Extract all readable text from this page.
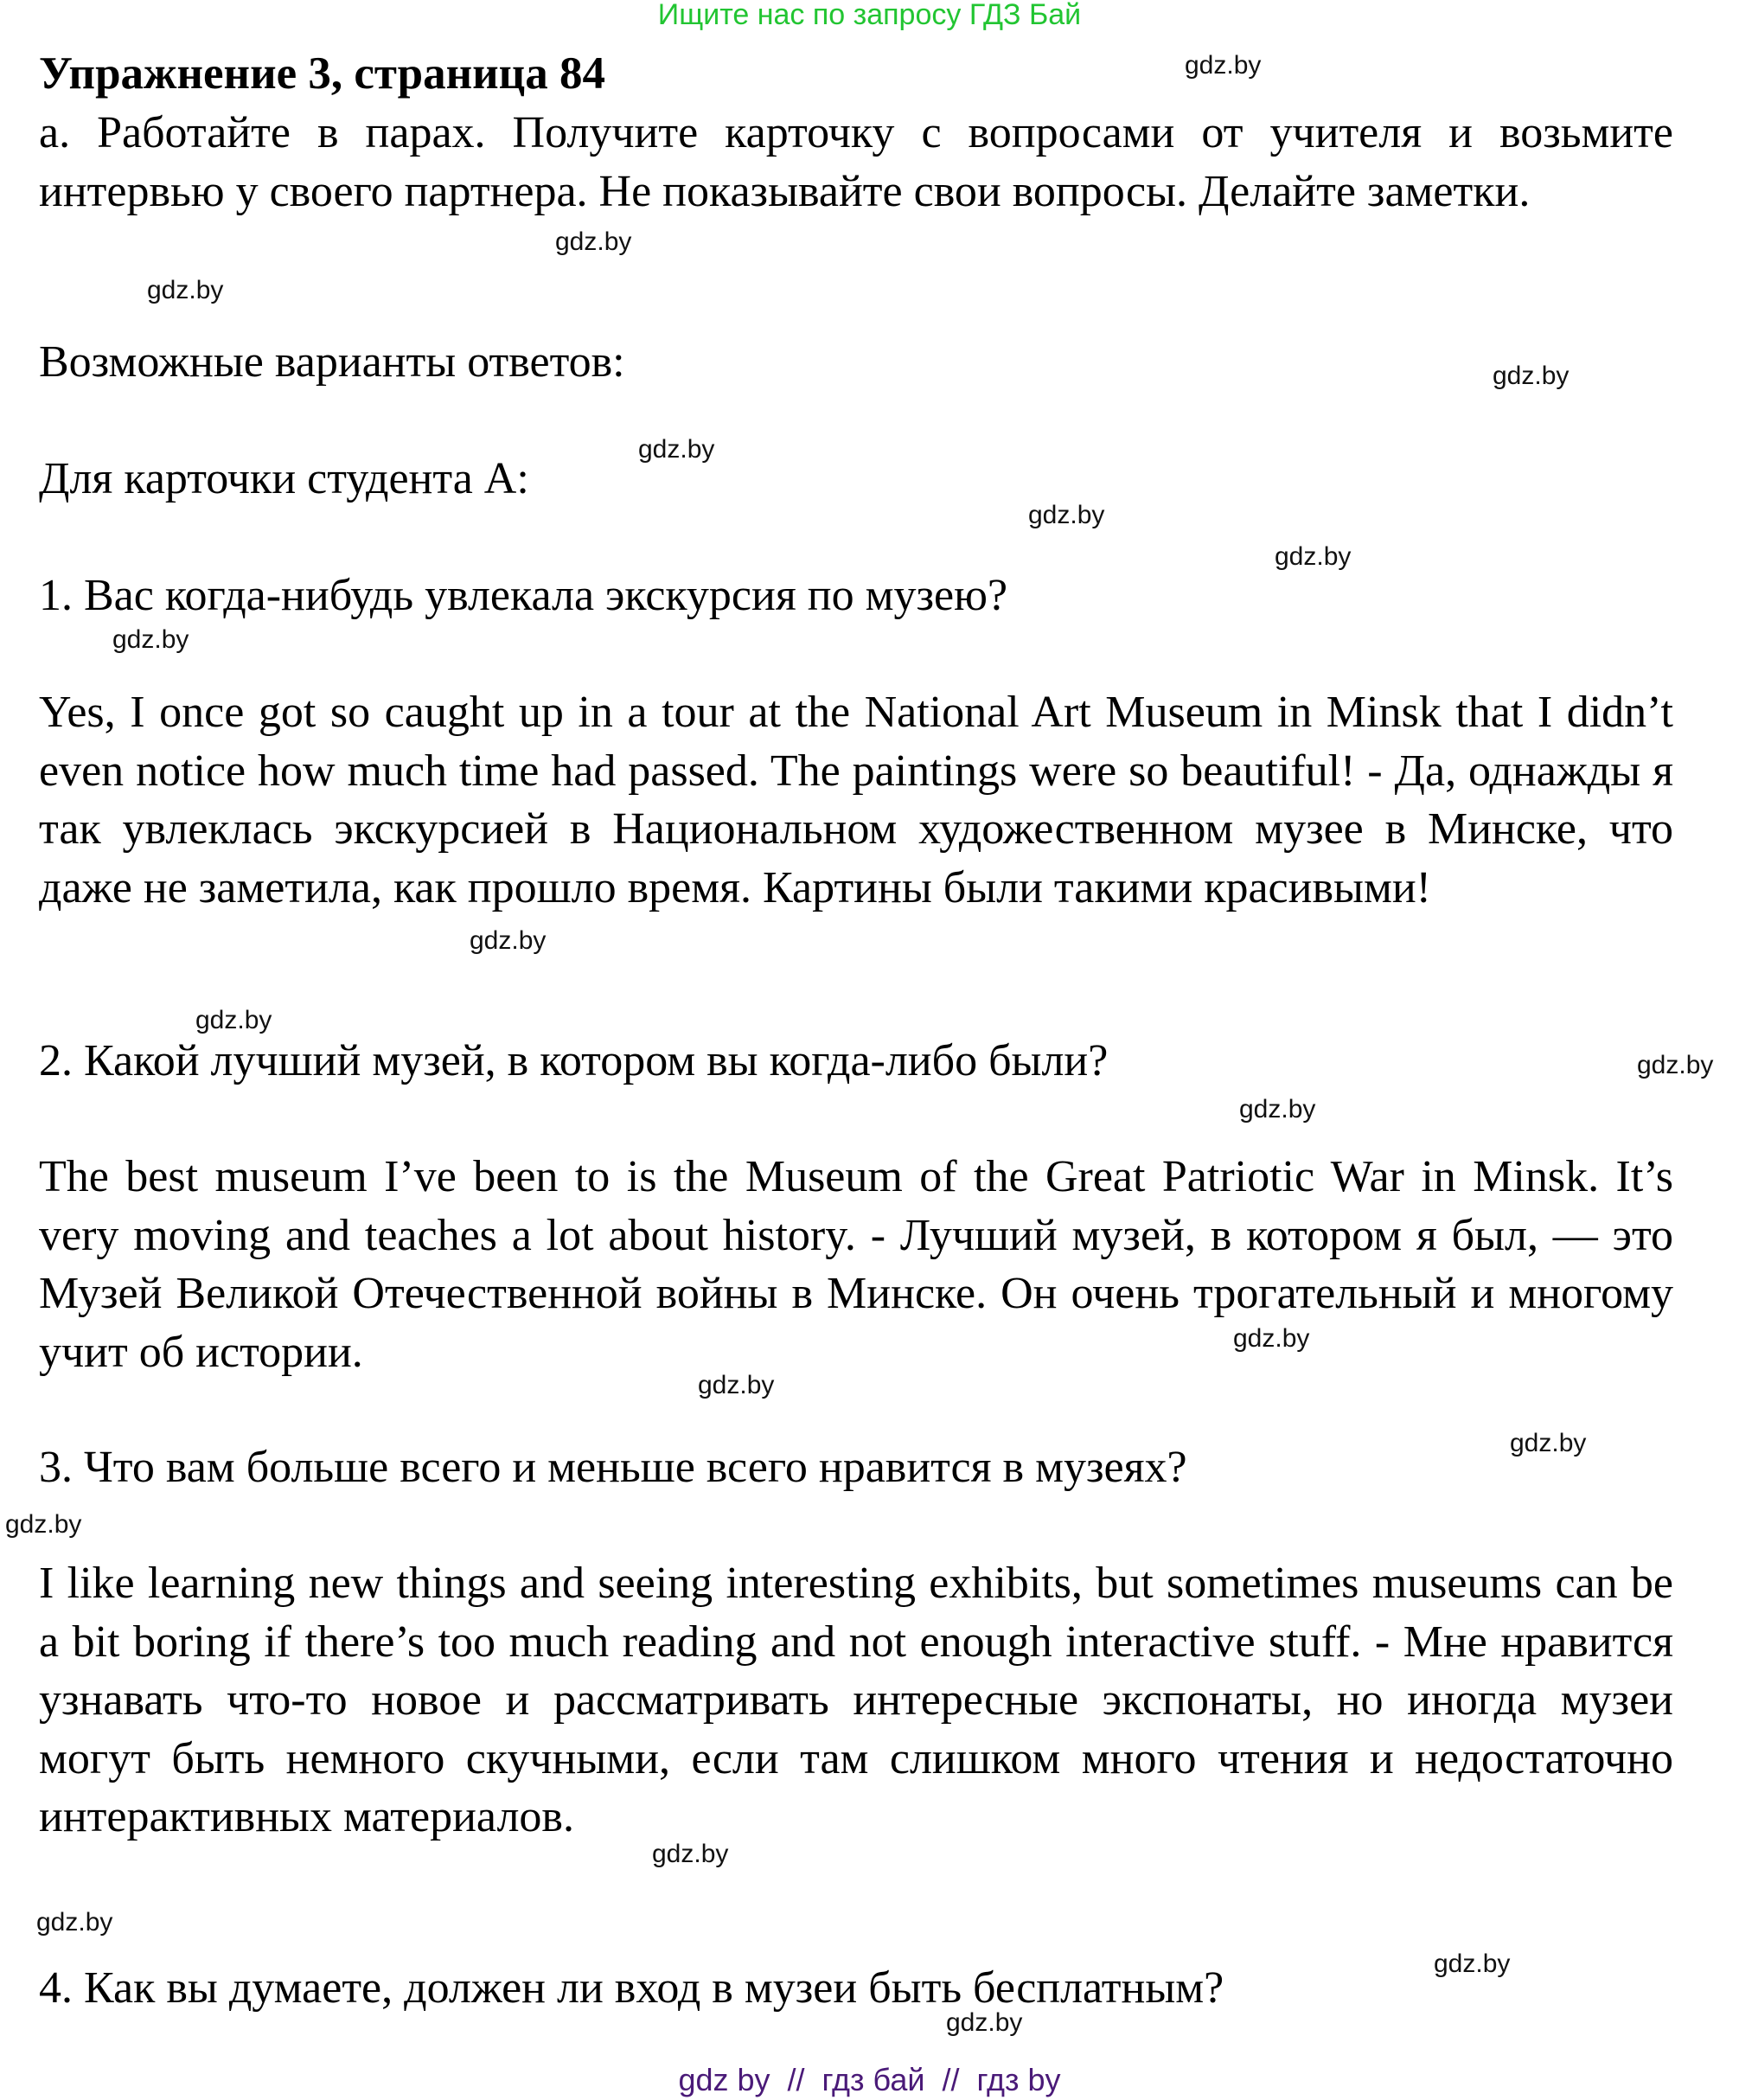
Ищите нас по запросу ГДЗ Бай
Упражнение 3, страница 84
а. Работайте в парах. Получите карточку с вопросами от учителя и возьмите интервью у своего партнера. Не показывайте свои вопросы. Делайте заметки.
Возможные варианты ответов:
Для карточки студента А:
1. Вас когда-нибудь увлекала экскурсия по музею?
Yes, I once got so caught up in a tour at the National Art Museum in Minsk that I didn’t even notice how much time had passed. The paintings were so beautiful! - Да, однажды я так увлеклась экскурсией в Национальном художественном музее в Минске, что даже не заметила, как прошло время. Картины были такими красивыми!
2. Какой лучший музей, в котором вы когда-либо были?
The best museum I’ve been to is the Museum of the Great Patriotic War in Minsk. It’s very moving and teaches a lot about history. - Лучший музей, в котором я был, — это Музей Великой Отечественной войны в Минске. Он очень трогательный и многому учит об истории.
3. Что вам больше всего и меньше всего нравится в музеях?
I like learning new things and seeing interesting exhibits, but sometimes museums can be a bit boring if there’s too much reading and not enough interactive stuff. - Мне нравится узнавать что-то новое и рассматривать интересные экспонаты, но иногда музеи могут быть немного скучными, если там слишком много чтения и недостаточно интерактивных материалов.
4. Как вы думаете, должен ли вход в музеи быть бесплатным?
gdz.by
gdz.by
gdz.by
gdz.by
gdz.by
gdz.by
gdz.by
gdz.by
gdz.by
gdz.by
gdz.by
gdz.by
gdz.by
gdz.by
gdz.by
gdz.by
gdz.by
gdz.by
gdz.by
gdz.by
gdz by  //  гдз бай  //  гдз by
